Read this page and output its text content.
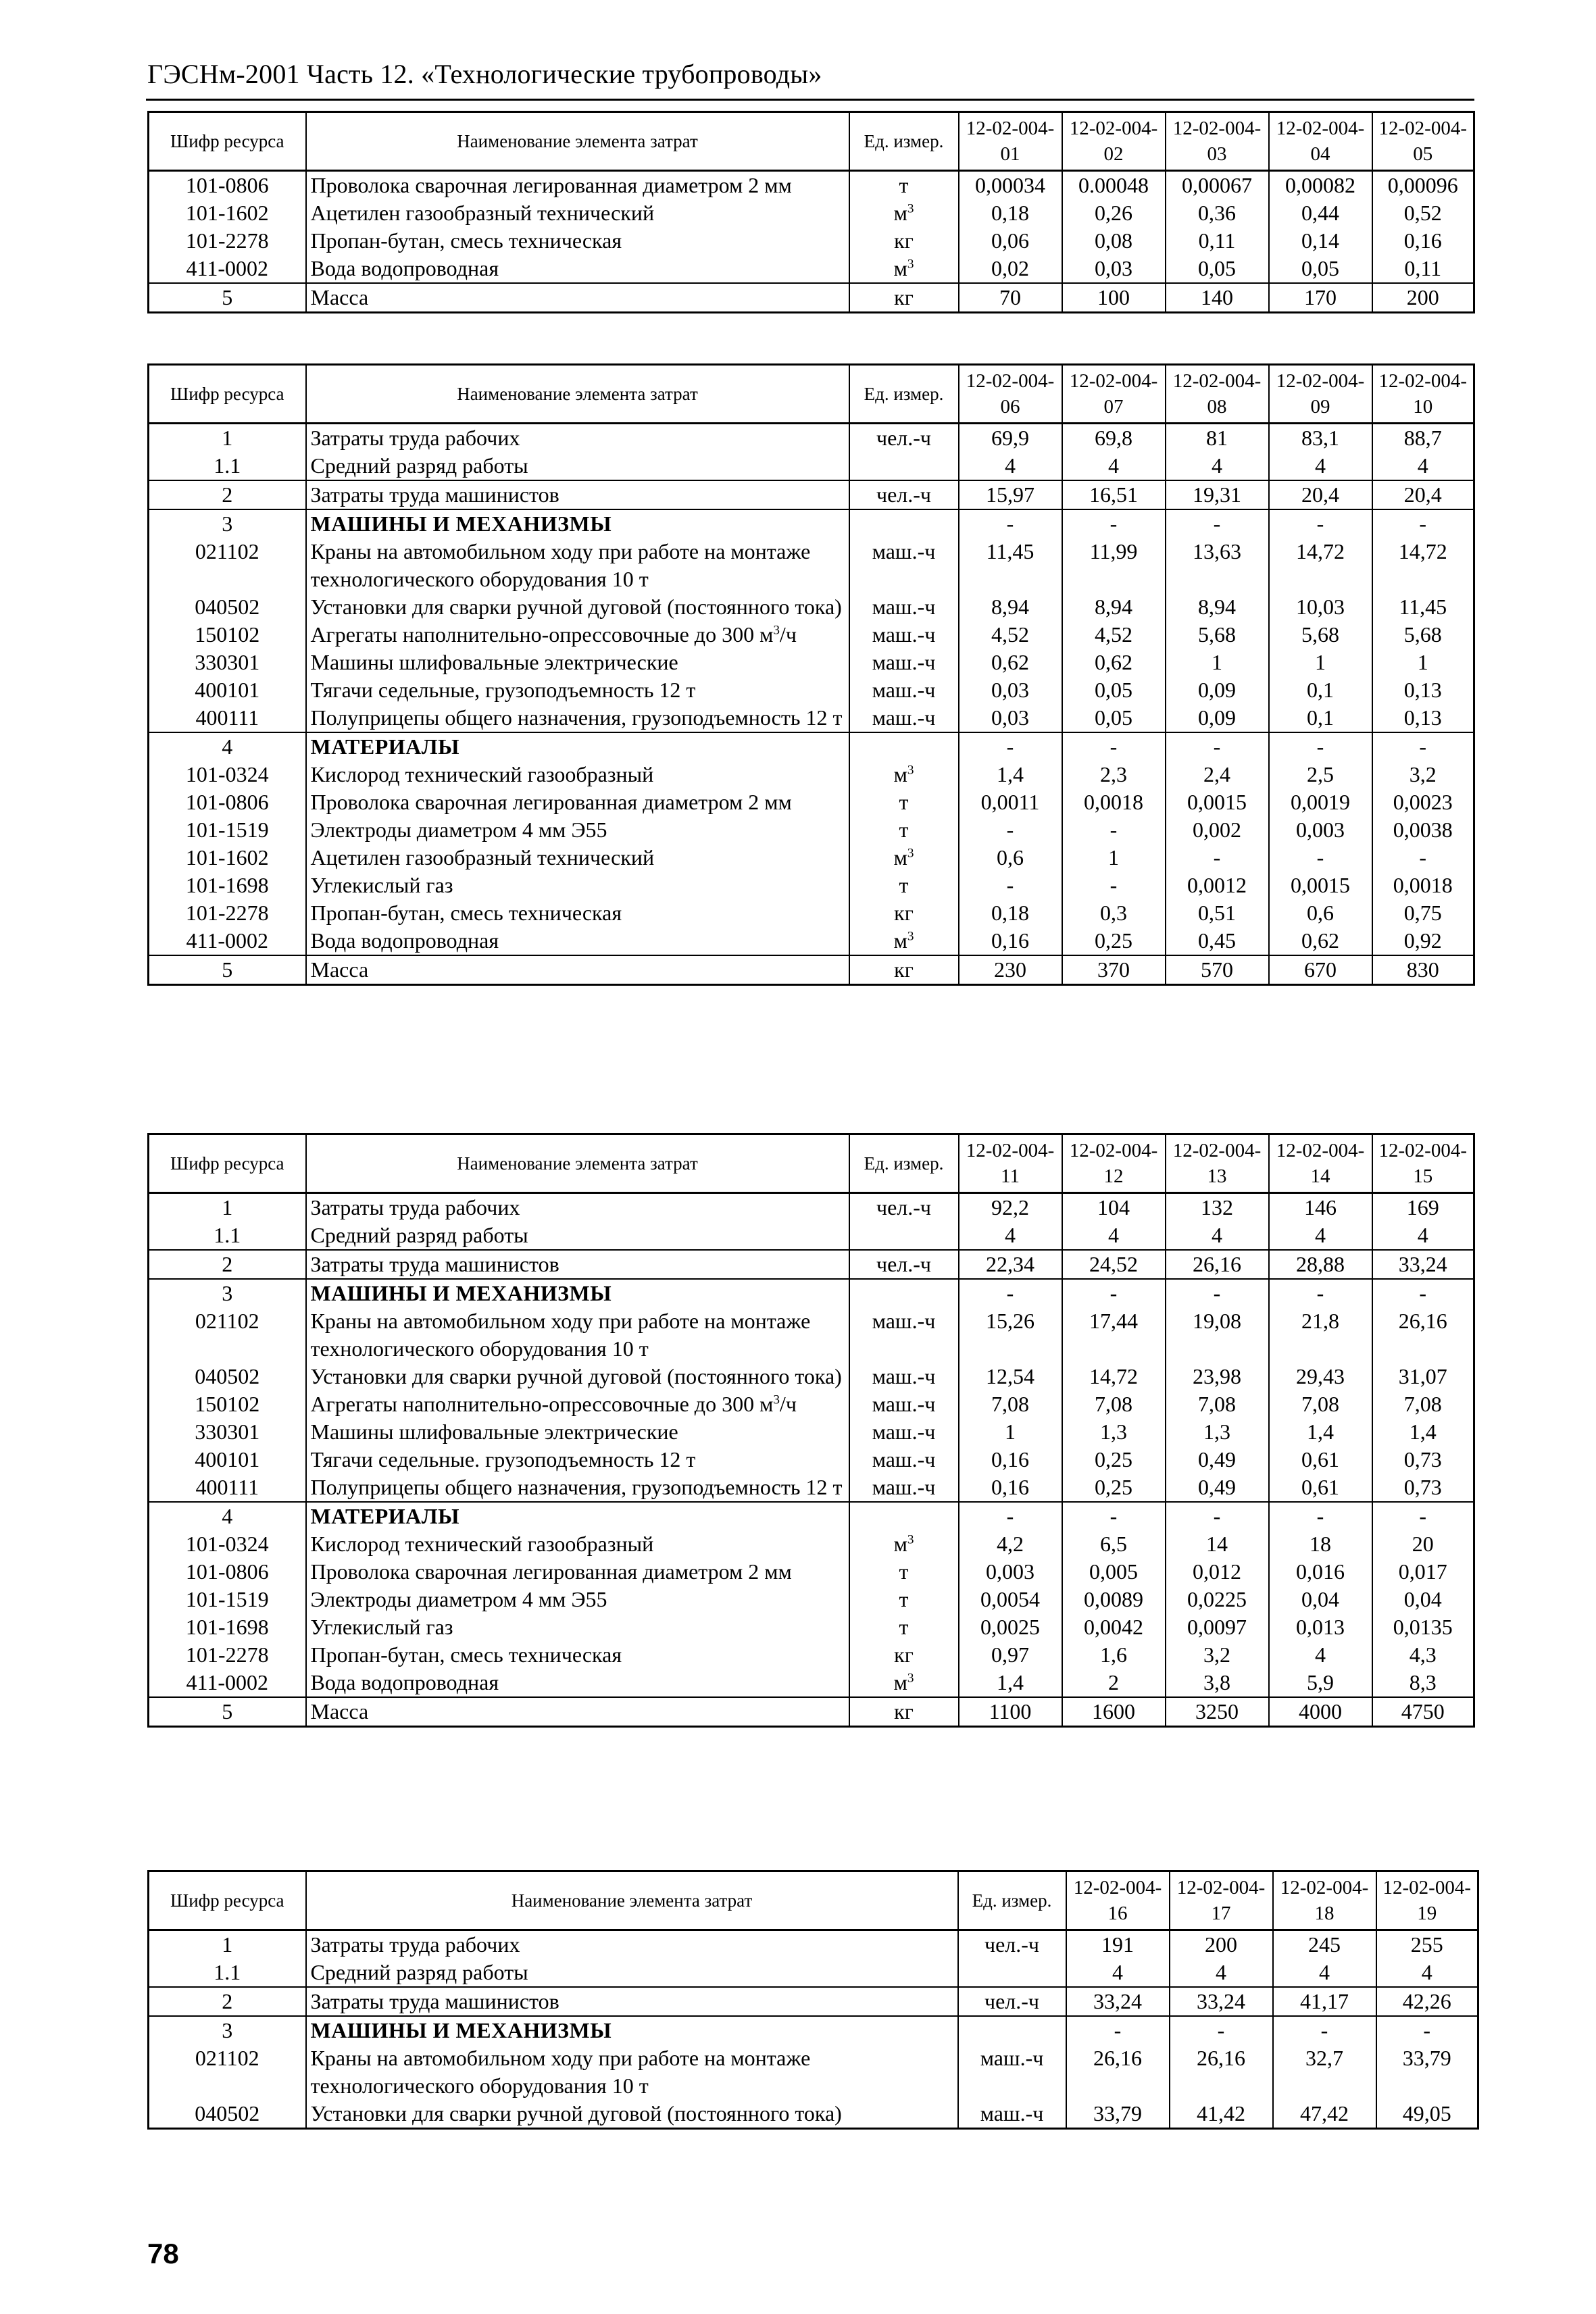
ГЭСНм-2001 Часть 12. «Технологические трубопроводы»
Шифр ресурса	Наименование элемента затрат	Ед. измер.	12-02-004-01	12-02-004-02	12-02-004-03	12-02-004-04	12-02-004-05
101-0806	Проволока сварочная легированная диаметром 2 мм	т	0,00034	0.00048	0,00067	0,00082	0,00096
101-1602	Ацетилен газообразный технический	$м^3$	0,18	0,26	0,36	0,44	0,52
101-2278	Пропан-бутан, смесь техническая	кг	0,06	0,08	0,11	0,14	0,16
411-0002	Вода водопроводная	$м^3$	0,02	0,03	0,05	0,05	0,11
5	Масса	кг	70	100	140	170	200
Шифр ресурса	Наименование элемента затрат	Ед. измер.	12-02-004-06	12-02-004-07	12-02-004-08	12-02-004-09	12-02-004-10
1	Затраты труда рабочих	чел.-ч	69,9	69,8	81	83,1	88,7
1.1	Средний разряд работы		4	4	4	4	4
2	Затраты труда машинистов	чел.-ч	15,97	16,51	19,31	20,4	20,4
3	МАШИНЫ И МЕХАНИЗМЫ		-	-	-	-	-
021102	Краны на автомобильном ходу при работе на монтаже технологического оборудования 10 т	маш.-ч	11,45	11,99	13,63	14,72	14,72
040502	Установки для сварки ручной дуговой (постоянного тока)	маш.-ч	8,94	8,94	8,94	10,03	11,45
150102	Агрегаты наполнительно-опрессовочные до 300 $м^3/ч$	маш.-ч	4,52	4,52	5,68	5,68	5,68
330301	Машины шлифовальные электрические	маш.-ч	0,62	0,62	1	1	1
400101	Тягачи седельные, грузоподъемность 12 т	маш.-ч	0,03	0,05	0,09	0,1	0,13
400111	Полуприцепы общего назначения, грузоподъемность 12 т	маш.-ч	0,03	0,05	0,09	0,1	0,13
4	МАТЕРИАЛЫ		-	-	-	-	-
101-0324	Кислород технический газообразный	$м^3$	1,4	2,3	2,4	2,5	3,2
101-0806	Проволока сварочная легированная диаметром 2 мм	т	0,0011	0,0018	0,0015	0,0019	0,0023
101-1519	Электроды диаметром 4 мм Э55	т	-	-	0,002	0,003	0,0038
101-1602	Ацетилен газообразный технический	$м^3$	0,6	1	-	-	-
101-1698	Углекислый газ	т	-	-	0,0012	0,0015	0,0018
101-2278	Пропан-бутан, смесь техническая	кг	0,18	0,3	0,51	0,6	0,75
411-0002	Вода водопроводная	$м^3$	0,16	0,25	0,45	0,62	0,92
5	Масса	кг	230	370	570	670	830
Шифр ресурса	Наименование элемента затрат	Ед. измер.	12-02-004-11	12-02-004-12	12-02-004-13	12-02-004-14	12-02-004-15
1	Затраты труда рабочих	чел.-ч	92,2	104	132	146	169
1.1	Средний разряд работы		4	4	4	4	4
2	Затраты труда машинистов	чел.-ч	22,34	24,52	26,16	28,88	33,24
3	МАШИНЫ И МЕХАНИЗМЫ		-	-	-	-	-
021102	Краны на автомобильном ходу при работе на монтаже технологического оборудования 10 т	маш.-ч	15,26	17,44	19,08	21,8	26,16
040502	Установки для сварки ручной дуговой (постоянного тока)	маш.-ч	12,54	14,72	23,98	29,43	31,07
150102	Агрегаты наполнительно-опрессовочные до 300 $м^3/ч$	маш.-ч	7,08	7,08	7,08	7,08	7,08
330301	Машины шлифовальные электрические	маш.-ч	1	1,3	1,3	1,4	1,4
400101	Тягачи седельные. грузоподъемность 12 т	маш.-ч	0,16	0,25	0,49	0,61	0,73
400111	Полуприцепы общего назначения, грузоподъемность 12 т	маш.-ч	0,16	0,25	0,49	0,61	0,73
4	МАТЕРИАЛЫ		-	-	-	-	-
101-0324	Кислород технический газообразный	$м^3$	4,2	6,5	14	18	20
101-0806	Проволока сварочная легированная диаметром 2 мм	т	0,003	0,005	0,012	0,016	0,017
101-1519	Электроды диаметром 4 мм Э55	т	0,0054	0,0089	0,0225	0,04	0,04
101-1698	Углекислый газ	т	0,0025	0,0042	0,0097	0,013	0,0135
101-2278	Пропан-бутан, смесь техническая	кг	0,97	1,6	3,2	4	4,3
411-0002	Вода водопроводная	$м^3$	1,4	2	3,8	5,9	8,3
5	Масса	кг	1100	1600	3250	4000	4750
Шифр ресурса	Наименование элемента затрат	Ед. измер.	12-02-004-16	12-02-004-17	12-02-004-18	12-02-004-19
1	Затраты труда рабочих	чел.-ч	191	200	245	255
1.1	Средний разряд работы		4	4	4	4
2	Затраты труда машинистов	чел.-ч	33,24	33,24	41,17	42,26
3	МАШИНЫ И МЕХАНИЗМЫ		-	-	-	-
021102	Краны на автомобильном ходу при работе на монтаже технологического оборудования 10 т	маш.-ч	26,16	26,16	32,7	33,79
040502	Установки для сварки ручной дуговой (постоянного тока)	маш.-ч	33,79	41,42	47,42	49,05
78
